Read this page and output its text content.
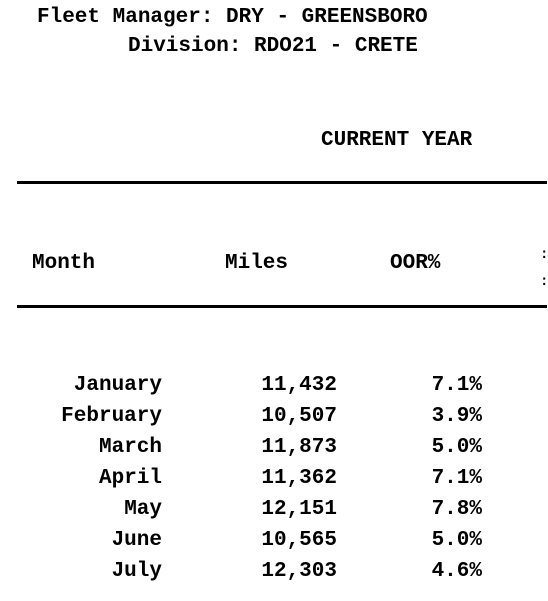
Fleet Manager: DRY - GREENSBORO
Division: RDO21 - CRETE
CURRENT YEAR
:
:
Month	Miles	OOR%
January	11,432	7.1%
February	10,507	3.9%
March	11,873	5.0%
April	11,362	7.1%
May	12,151	7.8%
June	10,565	5.0%
July	12,303	4.6%
